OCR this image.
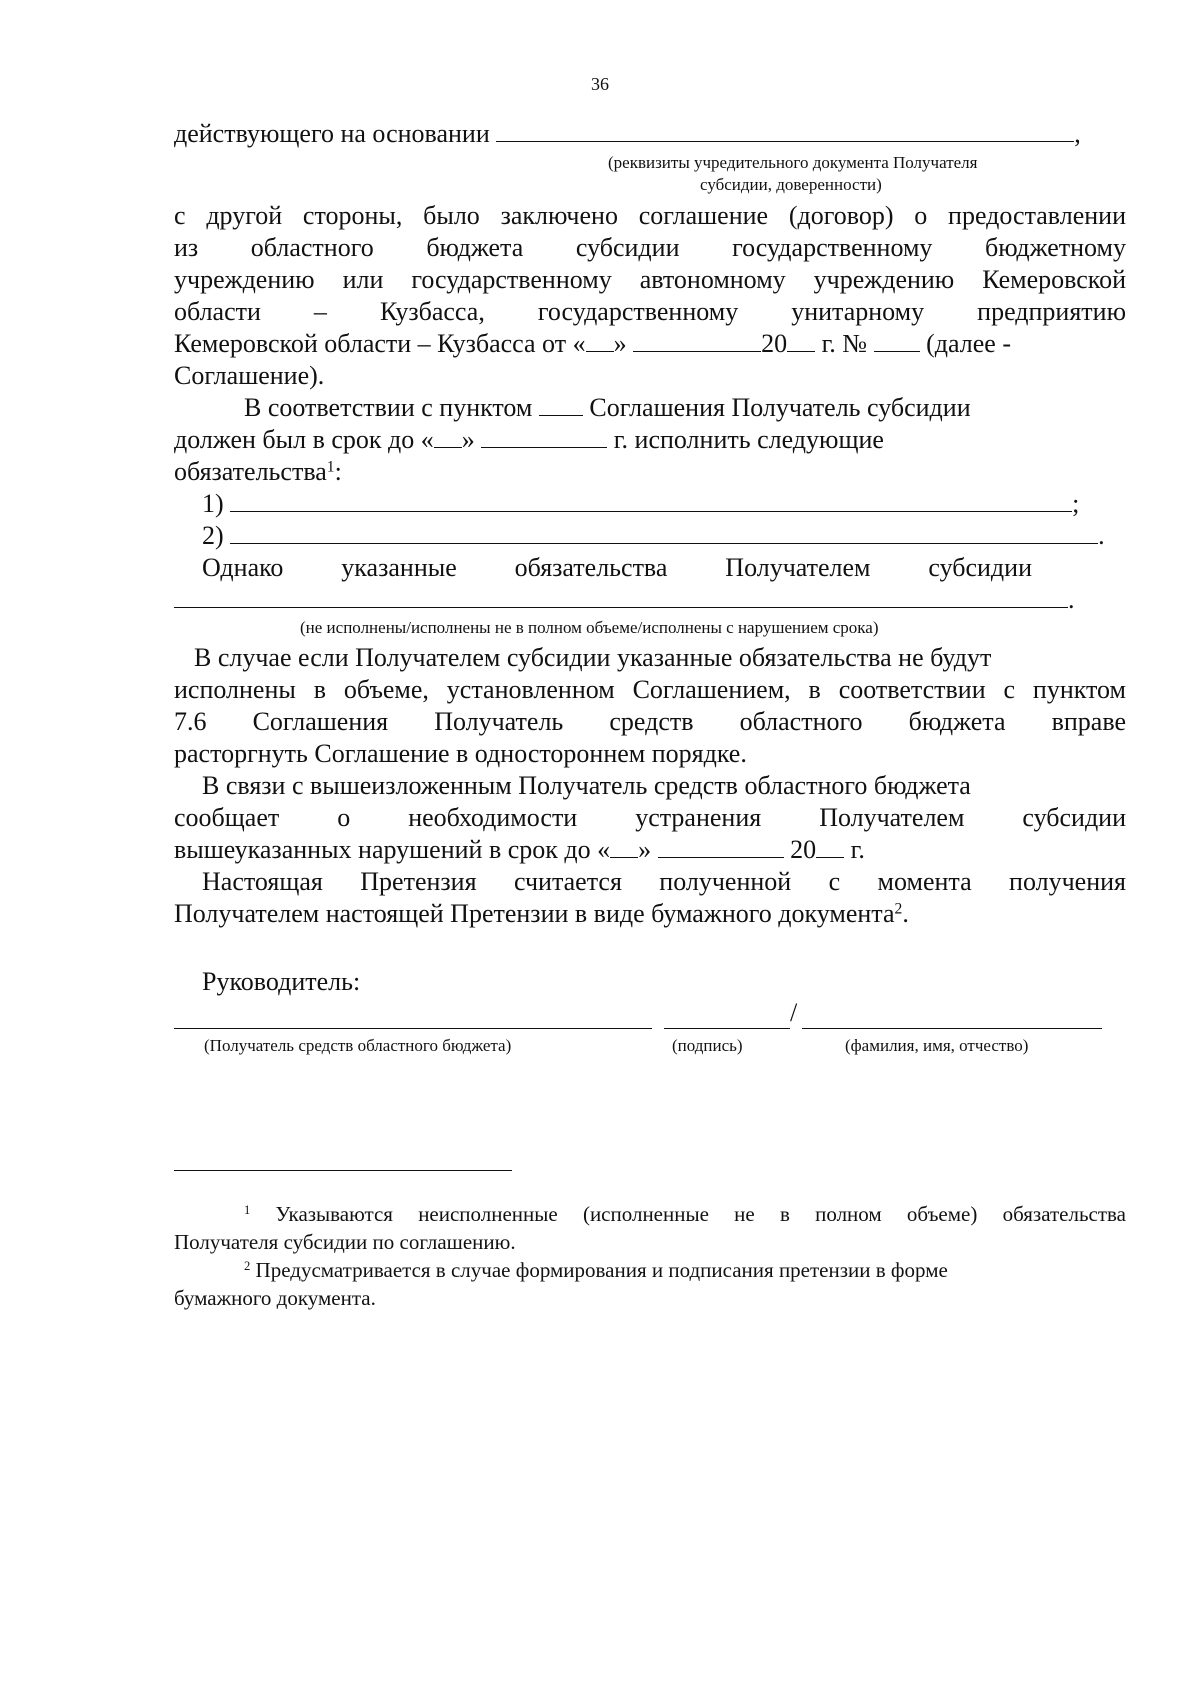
36
действующего на основании	,
(реквизиты учредительного документа Получателя
субсидии, доверенности)
с другой стороны, было заключено соглашение (договор) о предоставлении
из областного бюджета субсидии государственному бюджетному
учреждению или государственному автономному учреждению Кемеровской
области – Кузбасса, государственному унитарному предприятию
Кемеровской области – Кузбасса от « »	20 г. №  (далее -
Соглашение).
В соответствии с пунктом  Соглашения Получатель субсидии
должен был в срок до « »	г. исполнить следующие
обязательства$^1$:
1)	;
2)	.
Однако указанные обязательства Получателем субсидии
.
(не исполнены/исполнены не в полном объеме/исполнены с нарушением срока)
В случае если Получателем субсидии указанные обязательства не будут
исполнены в объеме, установленном Соглашением, в соответствии с пунктом
7.6 Соглашения Получатель средств областного бюджета вправе
расторгнуть Соглашение в одностороннем порядке.
В связи с вышеизложенным Получатель средств областного бюджета
сообщает о необходимости устранения Получателем субсидии
вышеуказанных нарушений в срок до « »	20 г.
Настоящая Претензия считается полученной с момента получения
Получателем настоящей Претензии в виде бумажного документа$^2$.
Руководитель:
/
(Получатель средств областного бюджета)	(подпись)	(фамилия, имя, отчество)
$^1$ Указываются неисполненные (исполненные не в полном объеме) обязательства
Получателя субсидии по соглашению.
$^2$ Предусматривается в случае формирования и подписания претензии в форме
бумажного документа.
